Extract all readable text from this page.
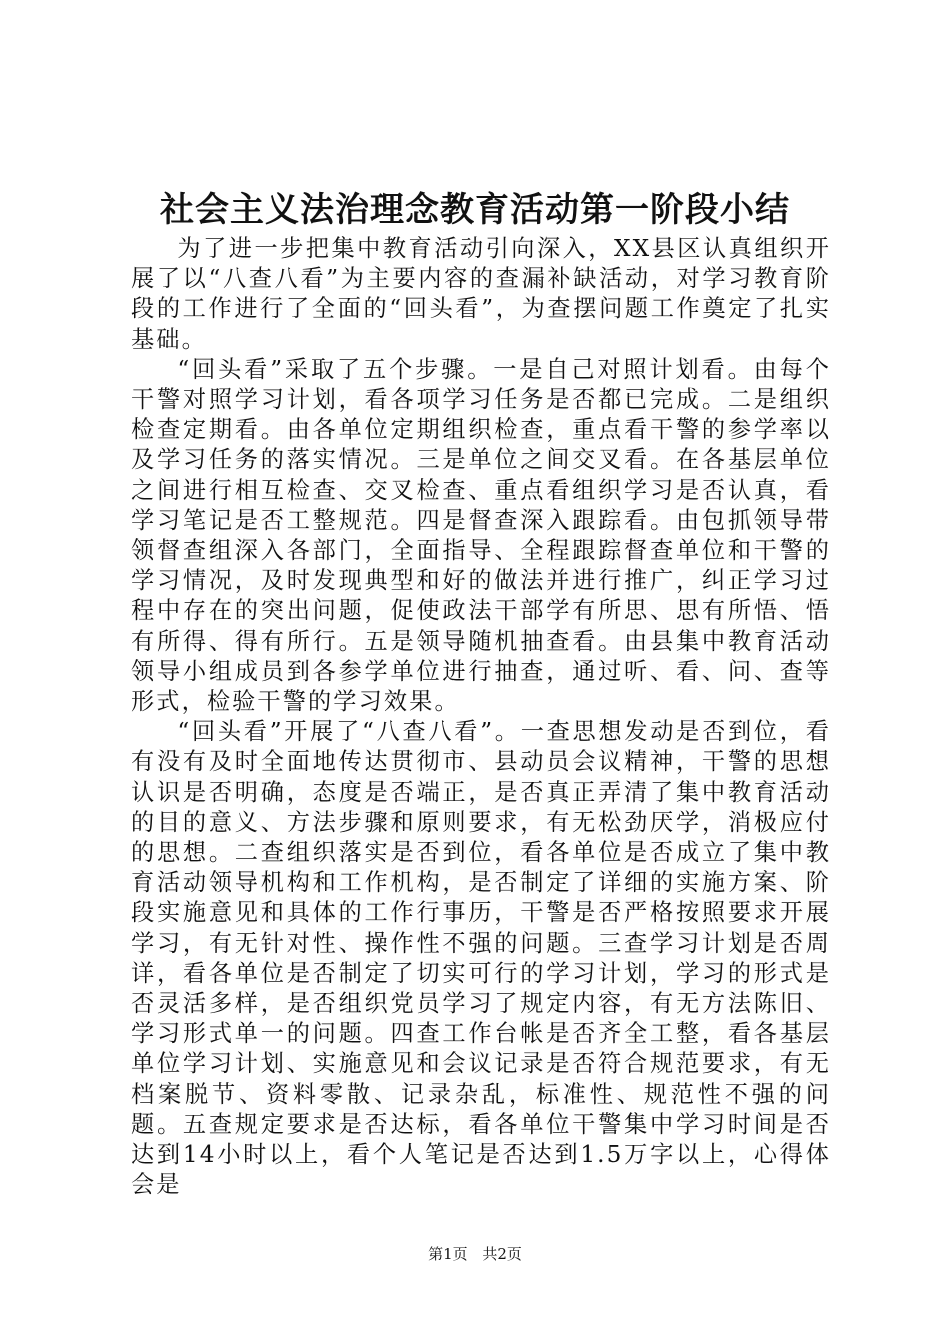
社会主义法治理念教育活动第一阶段小结

为了进一步把集中教育活动引向深入，XX县区认真组织开展了以“八查八看”为主要内容的查漏补缺活动，对学习教育阶段的工作进行了全面的“回头看”，为查摆问题工作奠定了扎实基础。

“回头看”采取了五个步骤。一是自己对照计划看。由每个干警对照学习计划，看各项学习任务是否都已完成。二是组织检查定期看。由各单位定期组织检查，重点看干警的参学率以及学习任务的落实情况。三是单位之间交叉看。在各基层单位之间进行相互检查、交叉检查、重点看组织学习是否认真，看学习笔记是否工整规范。四是督查深入跟踪看。由包抓领导带领督查组深入各部门，全面指导、全程跟踪督查单位和干警的学习情况，及时发现典型和好的做法并进行推广，纠正学习过程中存在的突出问题，促使政法干部学有所思、思有所悟、悟有所得、得有所行。五是领导随机抽查看。由县集中教育活动领导小组成员到各参学单位进行抽查，通过听、看、问、查等形式，检验干警的学习效果。

“回头看”开展了“八查八看”。一查思想发动是否到位，看有没有及时全面地传达贯彻市、县动员会议精神，干警的思想认识是否明确，态度是否端正，是否真正弄清了集中教育活动的目的意义、方法步骤和原则要求，有无松劲厌学，消极应付的思想。二查组织落实是否到位，看各单位是否成立了集中教育活动领导机构和工作机构，是否制定了详细的实施方案、阶段实施意见和具体的工作行事历，干警是否严格按照要求开展学习，有无针对性、操作性不强的问题。三查学习计划是否周详，看各单位是否制定了切实可行的学习计划，学习的形式是否灵活多样，是否组织党员学习了规定内容，有无方法陈旧、学习形式单一的问题。四查工作台帐是否齐全工整，看各基层单位学习计划、实施意见和会议记录是否符合规范要求，有无档案脱节、资料零散、记录杂乱，标准性、规范性不强的问题。五查规定要求是否达标，看各单位干警集中学习时间是否达到14小时以上，看个人笔记是否达到1.5万字以上，心得体会是

第1页 共2页
